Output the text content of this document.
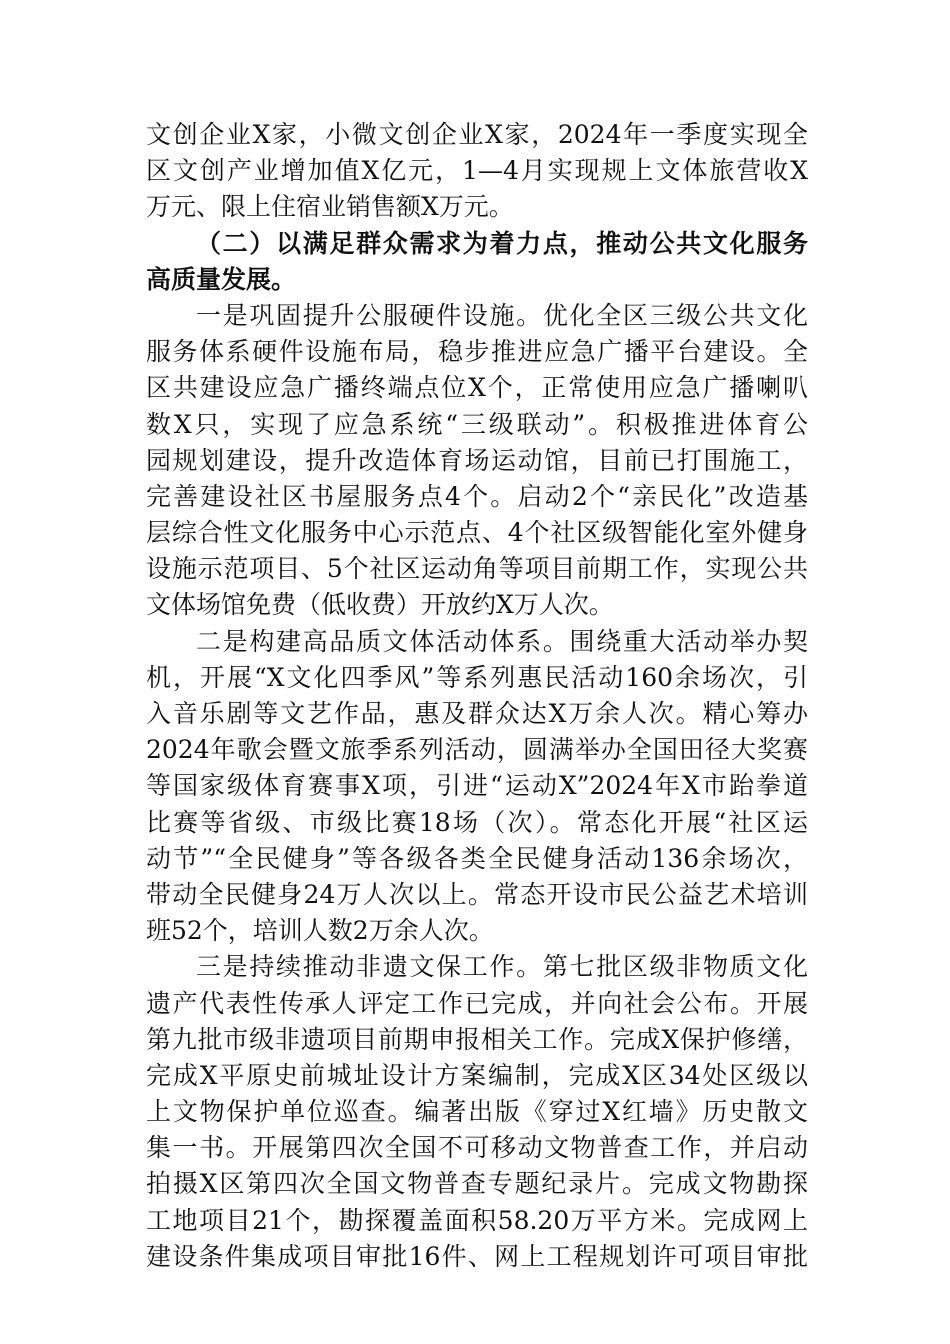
文创企业X家，小微文创企业X家，2024年一季度实现全
区文创产业增加值X亿元，1—4月实现规上文体旅营收X
万元、限上住宿业销售额X万元。
（二）以满足群众需求为着力点，推动公共文化服务
高质量发展。
一是巩固提升公服硬件设施。优化全区三级公共文化
服务体系硬件设施布局，稳步推进应急广播平台建设。全
区共建设应急广播终端点位X个，正常使用应急广播喇叭
数X只，实现了应急系统“三级联动”。积极推进体育公
园规划建设，提升改造体育场运动馆，目前已打围施工，
完善建设社区书屋服务点4个。启动2个“亲民化”改造基
层综合性文化服务中心示范点、4个社区级智能化室外健身
设施示范项目、5个社区运动角等项目前期工作，实现公共
文体场馆免费（低收费）开放约X万人次。
二是构建高品质文体活动体系。围绕重大活动举办契
机，开展“X文化四季风”等系列惠民活动160余场次，引
入音乐剧等文艺作品，惠及群众达X万余人次。精心筹办
2024年歌会暨文旅季系列活动，圆满举办全国田径大奖赛
等国家级体育赛事X项，引进“运动X”2024年X市跆拳道
比赛等省级、市级比赛18场（次）。常态化开展“社区运
动节”“全民健身”等各级各类全民健身活动136余场次，
带动全民健身24万人次以上。常态开设市民公益艺术培训
班52个，培训人数2万余人次。
三是持续推动非遗文保工作。第七批区级非物质文化
遗产代表性传承人评定工作已完成，并向社会公布。开展
第九批市级非遗项目前期申报相关工作。完成X保护修缮，
完成X平原史前城址设计方案编制，完成X区34处区级以
上文物保护单位巡查。编著出版《穿过X红墙》历史散文
集一书。开展第四次全国不可移动文物普查工作，并启动
拍摄X区第四次全国文物普查专题纪录片。完成文物勘探
工地项目21个，勘探覆盖面积58.20万平方米。完成网上
建设条件集成项目审批16件、网上工程规划许可项目审批
